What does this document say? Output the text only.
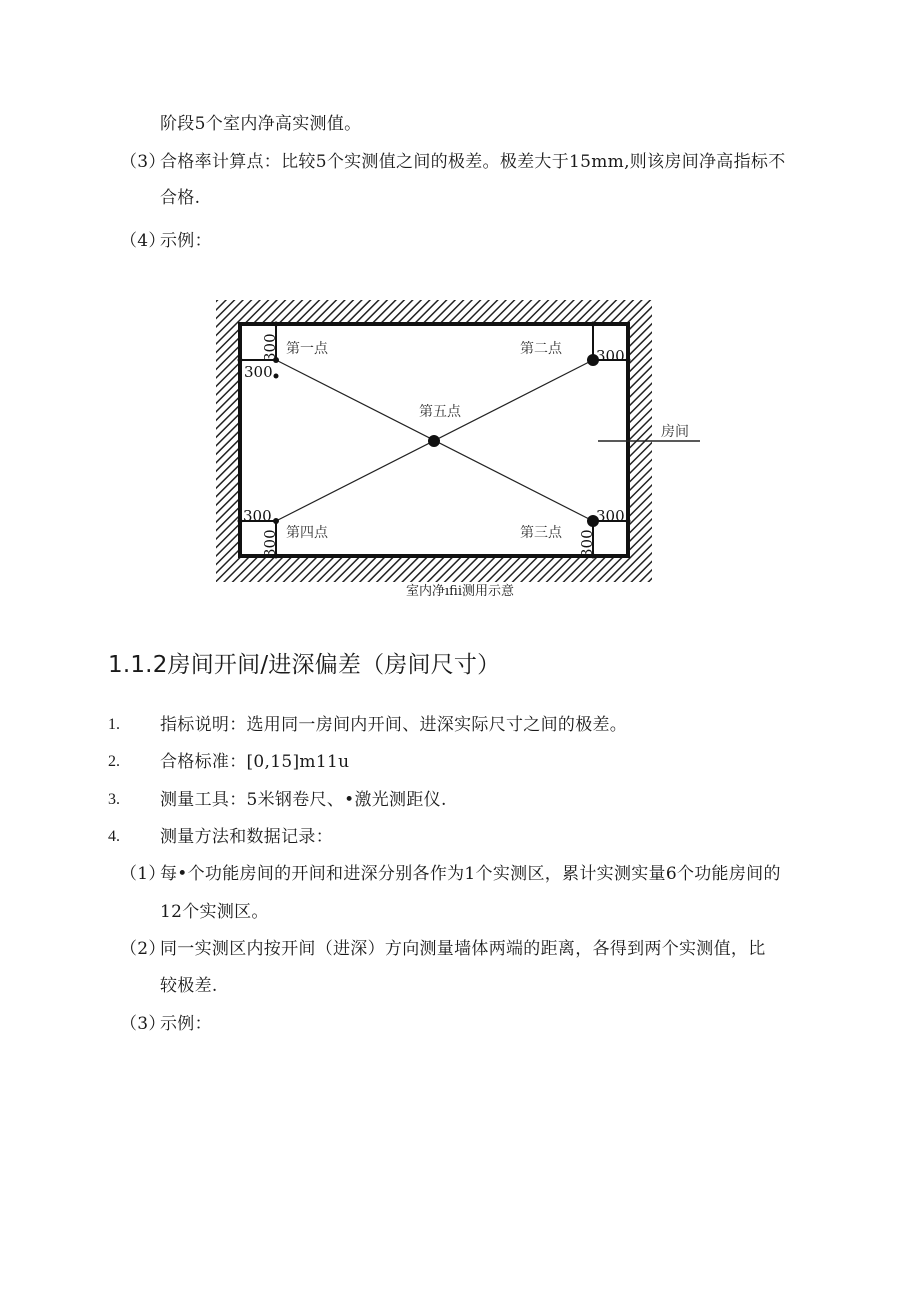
阶段5个室内净高实测值。
（3）
合格率计算点：比较5个实测值之间的极差。极差大于15mm,则该房间净高指标不
合格.
（4）
示例：
第一点	第二点
第三点
第四点
第五点
300
300
300
300
300
300
300
房间
室内净ıfii测用示意
1.1.2房间开间/进深偏差（房间尺寸）
1. 指标说明：选用同一房间内开间、进深实际尺寸之间的极差。
2. 合格标准：[0,15]m11u
3. 测量工具：5米钢卷尺、•激光测距仪.
4. 测量方法和数据记录：
（1）
每•个功能房间的开间和进深分别各作为1个实测区，累计实测实量6个功能房间的
12个实测区。
（2）
同一实测区内按开间（进深）方向测量墙体两端的距离，各得到两个实测值，比
较极差.
（3）
示例：
